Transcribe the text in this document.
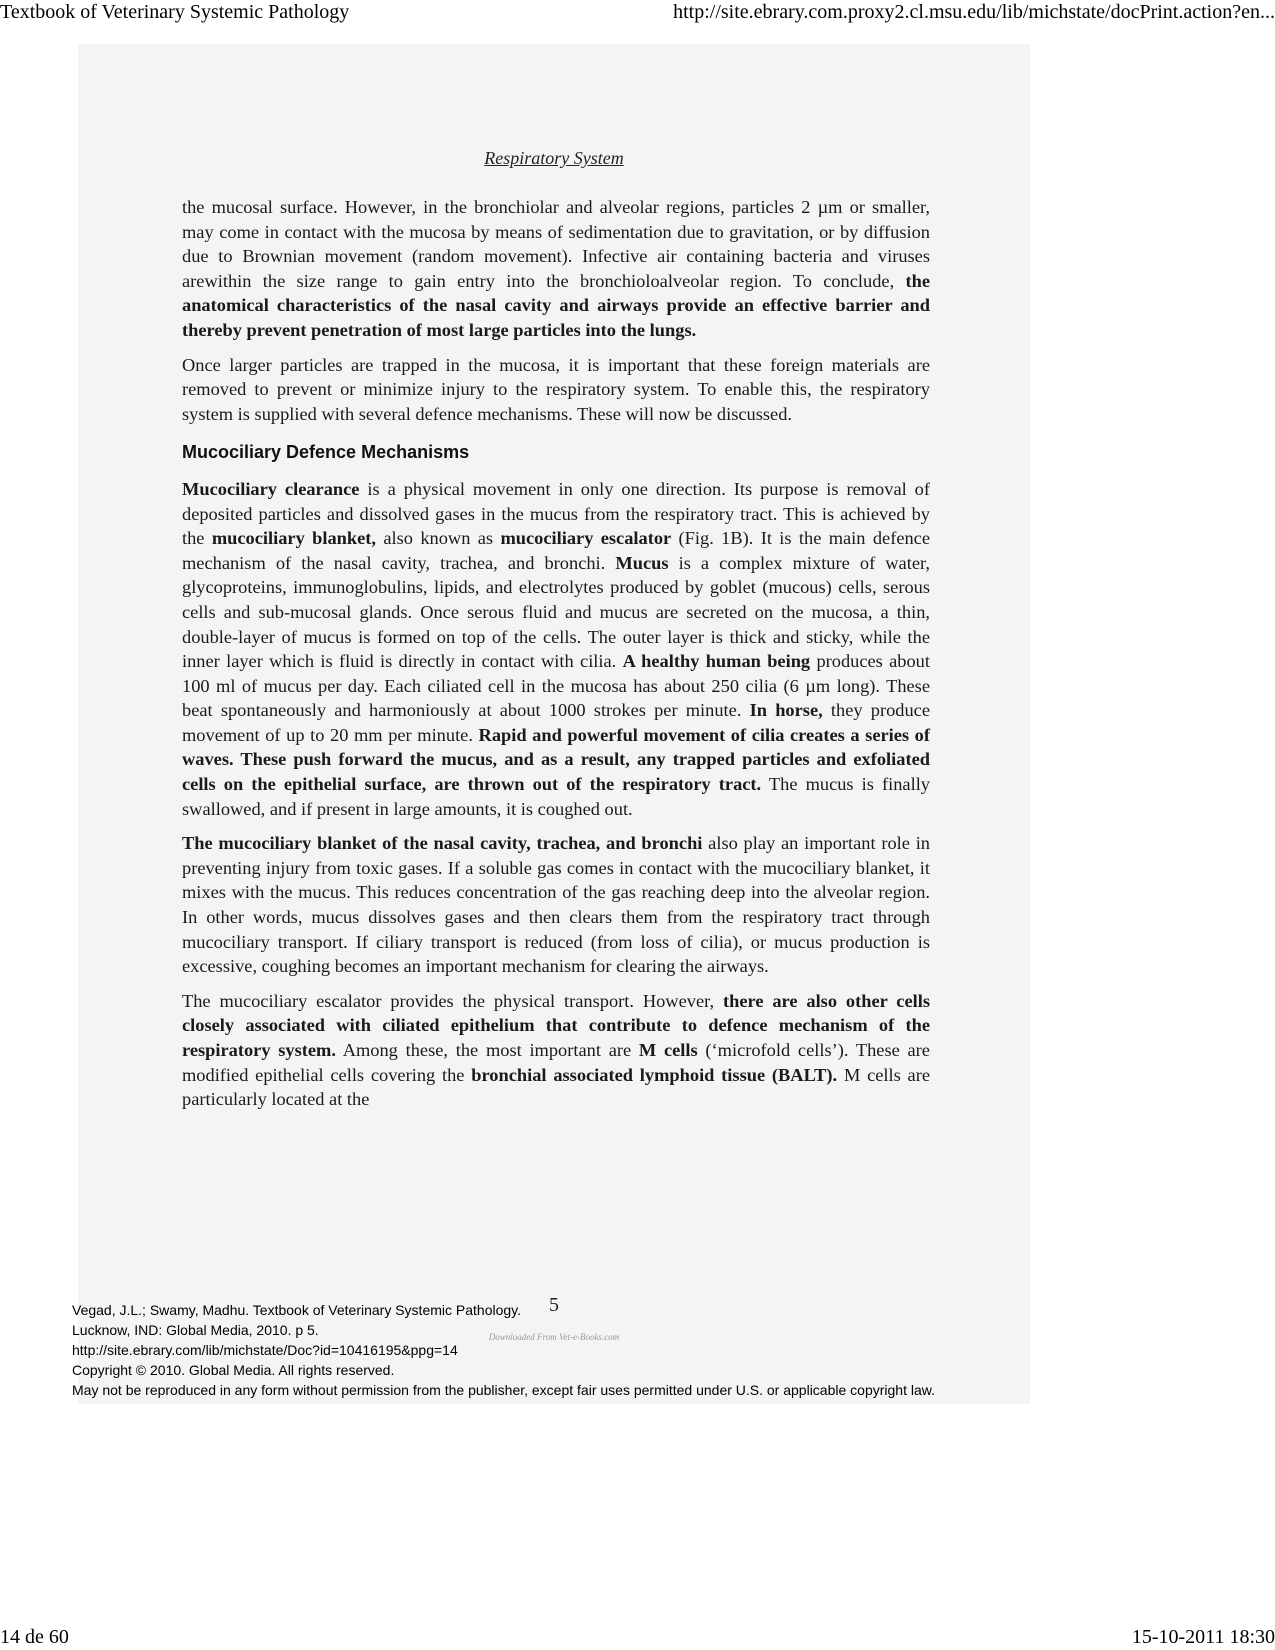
Textbook of Veterinary Systemic Pathology	http://site.ebrary.com.proxy2.cl.msu.edu/lib/michstate/docPrint.action?en...
Respiratory System

the mucosal surface. However, in the bronchiolar and alveolar regions, particles 2 µm or smaller, may come in contact with the mucosa by means of sedimentation due to gravitation, or by diffusion due to Brownian movement (random movement). Infective air containing bacteria and viruses arewithin the size range to gain entry into the bronchioloalveolar region. To conclude, the anatomical characteristics of the nasal cavity and airways provide an effective barrier and thereby prevent penetration of most large particles into the lungs.

Once larger particles are trapped in the mucosa, it is important that these foreign materials are removed to prevent or minimize injury to the respiratory system. To enable this, the respiratory system is supplied with several defence mechanisms. These will now be discussed.

Mucociliary Defence Mechanisms

Mucociliary clearance is a physical movement in only one direction. Its purpose is removal of deposited particles and dissolved gases in the mucus from the respiratory tract. This is achieved by the mucociliary blanket, also known as mucociliary escalator (Fig. 1B). It is the main defence mechanism of the nasal cavity, trachea, and bronchi. Mucus is a complex mixture of water, glycoproteins, immunoglobulins, lipids, and electrolytes produced by goblet (mucous) cells, serous cells and sub-mucosal glands. Once serous fluid and mucus are secreted on the mucosa, a thin, double-layer of mucus is formed on top of the cells. The outer layer is thick and sticky, while the inner layer which is fluid is directly in contact with cilia. A healthy human being produces about 100 ml of mucus per day. Each ciliated cell in the mucosa has about 250 cilia (6 µm long). These beat spontaneously and harmoniously at about 1000 strokes per minute. In horse, they produce movement of up to 20 mm per minute. Rapid and powerful movement of cilia creates a series of waves. These push forward the mucus, and as a result, any trapped particles and exfoliated cells on the epithelial surface, are thrown out of the respiratory tract. The mucus is finally swallowed, and if present in large amounts, it is coughed out.

The mucociliary blanket of the nasal cavity, trachea, and bronchi also play an important role in preventing injury from toxic gases. If a soluble gas comes in contact with the mucociliary blanket, it mixes with the mucus. This reduces concentration of the gas reaching deep into the alveolar region. In other words, mucus dissolves gases and then clears them from the respiratory tract through mucociliary transport. If ciliary transport is reduced (from loss of cilia), or mucus production is excessive, coughing becomes an important mechanism for clearing the airways.

The mucociliary escalator provides the physical transport. However, there are also other cells closely associated with ciliated epithelium that contribute to defence mechanism of the respiratory system. Among these, the most important are M cells (‘microfold cells’). These are modified epithelial cells covering the bronchial associated lymphoid tissue (BALT). M cells are particularly located at the

5
Downloaded From Vet-e-Books.com
Vegad, J.L.; Swamy, Madhu. Textbook of Veterinary Systemic Pathology.
Lucknow, IND: Global Media, 2010. p 5.
http://site.ebrary.com/lib/michstate/Doc?id=10416195&ppg=14
Copyright © 2010. Global Media. All rights reserved.
May not be reproduced in any form without permission from the publisher, except fair uses permitted under U.S. or applicable copyright law.
14 de 60	15-10-2011 18:30
